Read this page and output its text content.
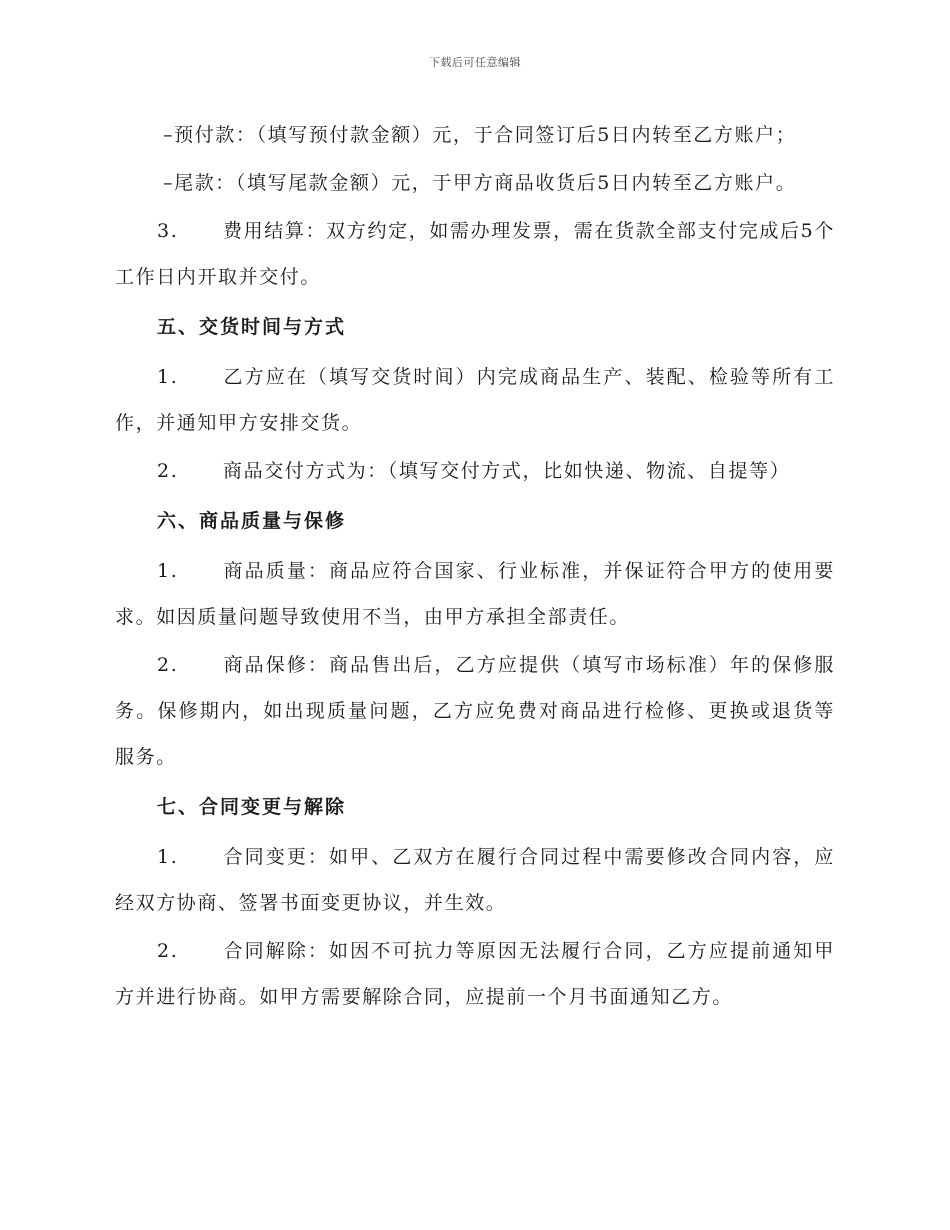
下载后可任意编辑

–预付款：（填写预付款金额）元，于合同签订后5日内转至乙方账户；

–尾款：（填写尾款金额）元，于甲方商品收货后5日内转至乙方账户。

3. 费用结算：双方约定，如需办理发票，需在货款全部支付完成后5个工作日内开取并交付。

五、交货时间与方式

1. 乙方应在（填写交货时间）内完成商品生产、装配、检验等所有工作，并通知甲方安排交货。

2. 商品交付方式为：（填写交付方式，比如快递、物流、自提等）

六、商品质量与保修

1. 商品质量：商品应符合国家、行业标准，并保证符合甲方的使用要求。如因质量问题导致使用不当，由甲方承担全部责任。

2. 商品保修：商品售出后，乙方应提供（填写市场标准）年的保修服务。保修期内，如出现质量问题，乙方应免费对商品进行检修、更换或退货等服务。

七、合同变更与解除

1. 合同变更：如甲、乙双方在履行合同过程中需要修改合同内容，应经双方协商、签署书面变更协议，并生效。

2. 合同解除：如因不可抗力等原因无法履行合同，乙方应提前通知甲方并进行协商。如甲方需要解除合同，应提前一个月书面通知乙方。
